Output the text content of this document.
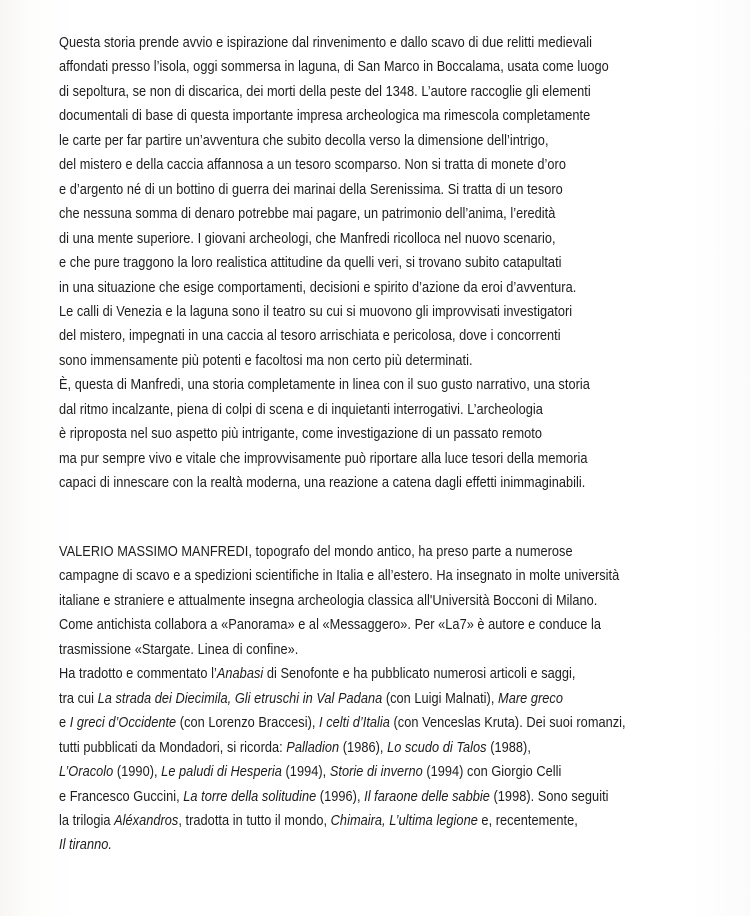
Questa storia prende avvio e ispirazione dal rinvenimento e dallo scavo di due relitti medievali
affondati presso l’isola, oggi sommersa in laguna, di San Marco in Boccalama, usata come luogo
di sepoltura, se non di discarica, dei morti della peste del 1348. L’autore raccoglie gli elementi
documentali di base di questa importante impresa archeologica ma rimescola completamente
le carte per far partire un’avventura che subito decolla verso la dimensione dell’intrigo,
del mistero e della caccia affannosa a un tesoro scomparso. Non si tratta di monete d’oro
e d’argento né di un bottino di guerra dei marinai della Serenissima. Si tratta di un tesoro
che nessuna somma di denaro potrebbe mai pagare, un patrimonio dell’anima, l’eredità
di una mente superiore. I giovani archeologi, che Manfredi ricolloca nel nuovo scenario,
e che pure traggono la loro realistica attitudine da quelli veri, si trovano subito catapultati
in una situazione che esige comportamenti, decisioni e spirito d’azione da eroi d’avventura.
Le calli di Venezia e la laguna sono il teatro su cui si muovono gli improvvisati investigatori
del mistero, impegnati in una caccia al tesoro arrischiata e pericolosa, dove i concorrenti
sono immensamente più potenti e facoltosi ma non certo più determinati.
È, questa di Manfredi, una storia completamente in linea con il suo gusto narrativo, una storia
dal ritmo incalzante, piena di colpi di scena e di inquietanti interrogativi. L’archeologia
è riproposta nel suo aspetto più intrigante, come investigazione di un passato remoto
ma pur sempre vivo e vitale che improvvisamente può riportare alla luce tesori della memoria
capaci di innescare con la realtà moderna, una reazione a catena dagli effetti inimmaginabili.
VALERIO MASSIMO MANFREDI, topografo del mondo antico, ha preso parte a numerose
campagne di scavo e a spedizioni scientifiche in Italia e all’estero. Ha insegnato in molte università
italiane e straniere e attualmente insegna archeologia classica all'Università Bocconi di Milano.
Come antichista collabora a «Panorama» e al «Messaggero». Per «La7» è autore e conduce la
trasmissione «Stargate. Linea di confine».
Ha tradotto e commentato l’Anabasi di Senofonte e ha pubblicato numerosi articoli e saggi,
tra cui La strada dei Diecimila, Gli etruschi in Val Padana (con Luigi Malnati), Mare greco
e I greci d’Occidente (con Lorenzo Braccesi), I celti d’Italia (con Venceslas Kruta). Dei suoi romanzi,
tutti pubblicati da Mondadori, si ricorda: Palladion (1986), Lo scudo di Talos (1988),
L’Oracolo (1990), Le paludi di Hesperia (1994), Storie di inverno (1994) con Giorgio Celli
e Francesco Guccini, La torre della solitudine (1996), Il faraone delle sabbie (1998). Sono seguiti
la trilogia Aléxandros, tradotta in tutto il mondo, Chimaira, L’ultima legione e, recentemente,
Il tiranno.
